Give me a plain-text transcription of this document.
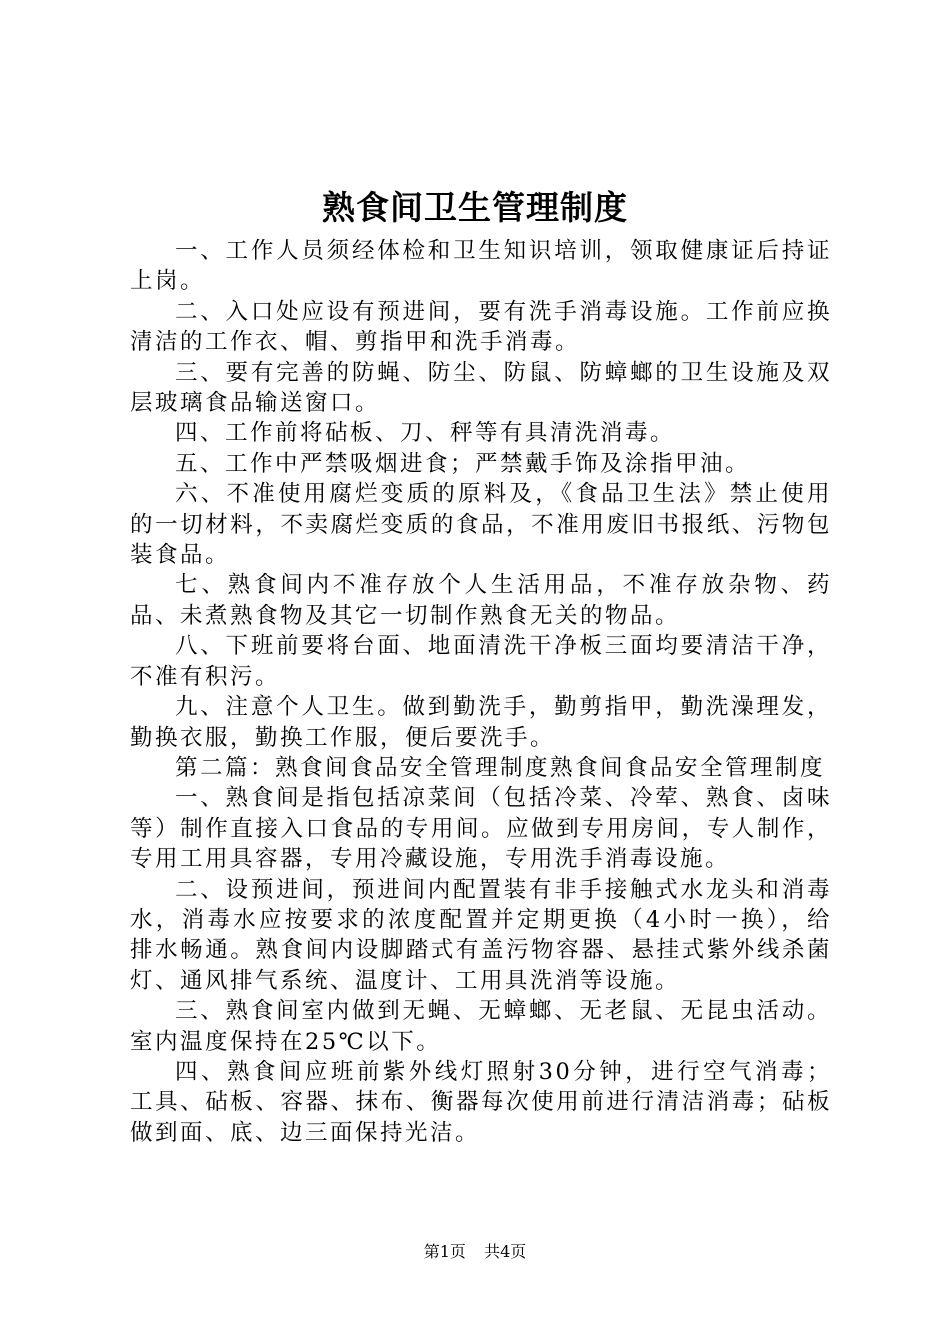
熟食间卫生管理制度

一、工作人员须经体检和卫生知识培训，领取健康证后持证上岗。

二、入口处应设有预进间，要有洗手消毒设施。工作前应换清洁的工作衣、帽、剪指甲和洗手消毒。

三、要有完善的防蝇、防尘、防鼠、防蟑螂的卫生设施及双层玻璃食品输送窗口。

四、工作前将砧板、刀、秤等有具清洗消毒。

五、工作中严禁吸烟进食；严禁戴手饰及涂指甲油。

六、不准使用腐烂变质的原料及，《食品卫生法》禁止使用的一切材料，不卖腐烂变质的食品，不准用废旧书报纸、污物包装食品。

七、熟食间内不准存放个人生活用品，不准存放杂物、药品、未煮熟食物及其它一切制作熟食无关的物品。

八、下班前要将台面、地面清洗干净板三面均要清洁干净，不准有积污。

九、注意个人卫生。做到勤洗手，勤剪指甲，勤洗澡理发，勤换衣服，勤换工作服，便后要洗手。

第二篇：熟食间食品安全管理制度熟食间食品安全管理制度

一、熟食间是指包括凉菜间（包括冷菜、冷荤、熟食、卤味等）制作直接入口食品的专用间。应做到专用房间，专人制作，专用工用具容器，专用冷藏设施，专用洗手消毒设施。

二、设预进间，预进间内配置装有非手接触式水龙头和消毒水，消毒水应按要求的浓度配置并定期更换（4小时一换），给排水畅通。熟食间内设脚踏式有盖污物容器、悬挂式紫外线杀菌灯、通风排气系统、温度计、工用具洗消等设施。

三、熟食间室内做到无蝇、无蟑螂、无老鼠、无昆虫活动。室内温度保持在25℃以下。

四、熟食间应班前紫外线灯照射30分钟，进行空气消毒；工具、砧板、容器、抹布、衡器每次使用前进行清洁消毒；砧板做到面、底、边三面保持光洁。

第1页 共4页
